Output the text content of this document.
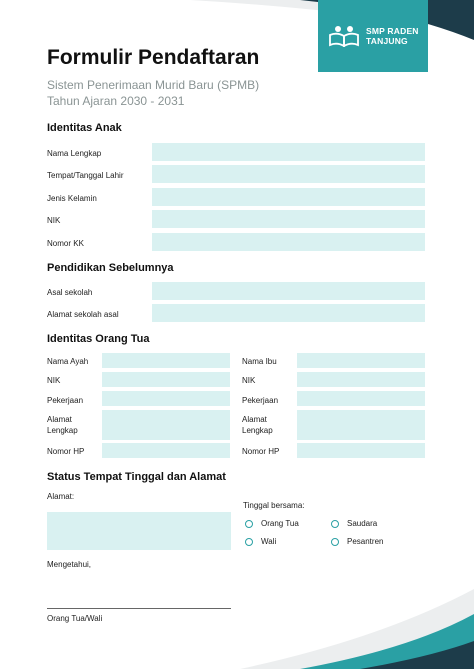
SMP RADEN
TANJUNG
Formulir Pendaftaran
Sistem Penerimaan Murid Baru (SPMB)
Tahun Ajaran 2030 - 2031
Identitas Anak
Nama Lengkap
Tempat/Tanggal Lahir
Jenis Kelamin
NIK
Nomor KK
Pendidikan Sebelumnya
Asal sekolah
Alamat sekolah asal
Identitas Orang Tua
Nama Ayah
NIK
Pekerjaan
Alamat Lengkap
Nomor HP
Nama Ibu
NIK
Pekerjaan
Alamat Lengkap
Nomor HP
Status Tempat Tinggal dan Alamat
Alamat:
Tinggal bersama:
Orang Tua	Saudara
Wali	Pesantren
Mengetahui,
Orang Tua/Wali
